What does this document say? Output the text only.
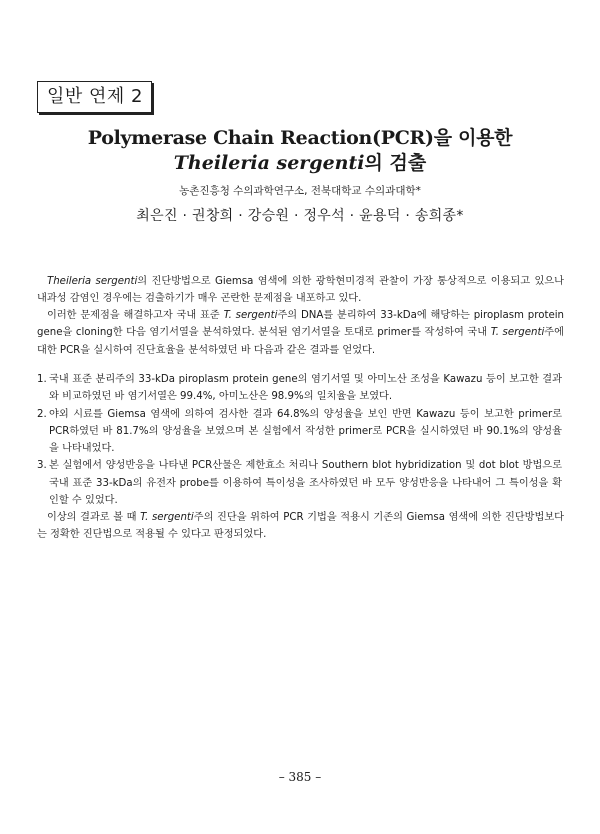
일반 연제 2
Polymerase Chain Reaction(PCR)을 이용한
Theileria sergenti의 검출
농촌진흥청 수의과학연구소, 전북대학교 수의과대학*
최은진 · 권창희 · 강승원 · 정우석 · 윤용덕 · 송희종*
Theileria sergenti의 진단방법으로 Giemsa 염색에 의한 광학현미경적 관찰이 가장 통상적으로 이용되고 있으나 내과성 감염인 경우에는 검출하기가 매우 곤란한 문제점을 내포하고 있다.
이러한 문제점을 해결하고자 국내 표준 T. sergenti주의 DNA를 분리하여 33-kDa에 해당하는 piroplasm protein gene을 cloning한 다음 염기서열을 분석하였다. 분석된 염기서열을 토대로 primer를 작성하여 국내 T. sergenti주에 대한 PCR을 실시하여 진단효율을 분석하였던 바 다음과 같은 결과를 얻었다.
1. 국내 표준 분리주의 33-kDa piroplasm protein gene의 염기서열 및 아미노산 조성을 Kawazu 등이 보고한 결과와 비교하였던 바 염기서열은 99.4%, 아미노산은 98.9%의 일치율을 보였다.
2. 야외 시료를 Giemsa 염색에 의하여 검사한 결과 64.8%의 양성율을 보인 반면 Kawazu 등이 보고한 primer로 PCR하였던 바 81.7%의 양성율을 보였으며 본 실험에서 작성한 primer로 PCR을 실시하였던 바 90.1%의 양성율을 나타내었다.
3. 본 실험에서 양성반응을 나타낸 PCR산물은 제한효소 처리나 Southern blot hybridization 및 dot blot 방법으로 국내 표준 33-kDa의 유전자 probe를 이용하여 특이성을 조사하였던 바 모두 양성반응을 나타내어 그 특이성을 확인할 수 있었다.
이상의 결과로 볼 때 T. sergenti주의 진단을 위하여 PCR 기법을 적용시 기존의 Giemsa 염색에 의한 진단방법보다는 정확한 진단법으로 적용될 수 있다고 판정되었다.
– 385 –
